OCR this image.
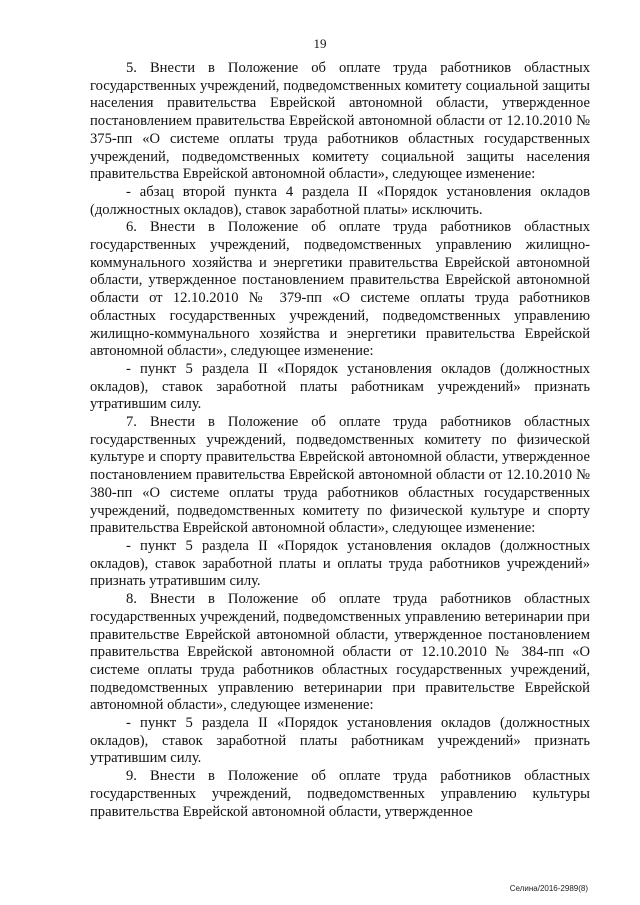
19

5. Внести в Положение об оплате труда работников областных государственных учреждений, подведомственных комитету социальной защиты населения правительства Еврейской автономной области, утвержденное постановлением правительства Еврейской автономной области от 12.10.2010 № 375-пп «О системе оплаты труда работников областных государственных учреждений, подведомственных комитету социальной защиты населения правительства Еврейской автономной области», следующее изменение:

- абзац второй пункта 4 раздела II «Порядок установления окладов (должностных окладов), ставок заработной платы» исключить.

6. Внести в Положение об оплате труда работников областных государственных учреждений, подведомственных управлению жилищно-коммунального хозяйства и энергетики правительства Еврейской автономной области, утвержденное постановлением правительства Еврейской автономной области от 12.10.2010 № 379-пп «О системе оплаты труда работников областных государственных учреждений, подведомственных управлению жилищно-коммунального хозяйства и энергетики правительства Еврейской автономной области», следующее изменение:

- пункт 5 раздела II «Порядок установления окладов (должностных окладов), ставок заработной платы работникам учреждений» признать утратившим силу.

7. Внести в Положение об оплате труда работников областных государственных учреждений, подведомственных комитету по физической культуре и спорту правительства Еврейской автономной области, утвержденное постановлением правительства Еврейской автономной области от 12.10.2010 № 380-пп «О системе оплаты труда работников областных государственных учреждений, подведомственных комитету по физической культуре и спорту правительства Еврейской автономной области», следующее изменение:

- пункт 5 раздела II «Порядок установления окладов (должностных окладов), ставок заработной платы и оплаты труда работников учреждений» признать утратившим силу.

8. Внести в Положение об оплате труда работников областных государственных учреждений, подведомственных управлению ветеринарии при правительстве Еврейской автономной области, утвержденное постановлением правительства Еврейской автономной области от 12.10.2010 № 384-пп «О системе оплаты труда работников областных государственных учреждений, подведомственных управлению ветеринарии при правительстве Еврейской автономной области», следующее изменение:

- пункт 5 раздела II «Порядок установления окладов (должностных окладов), ставок заработной платы работникам учреждений» признать утратившим силу.

9. Внести в Положение об оплате труда работников областных государственных учреждений, подведомственных управлению культуры правительства Еврейской автономной области, утвержденное

Селина/2016-2989(8)
